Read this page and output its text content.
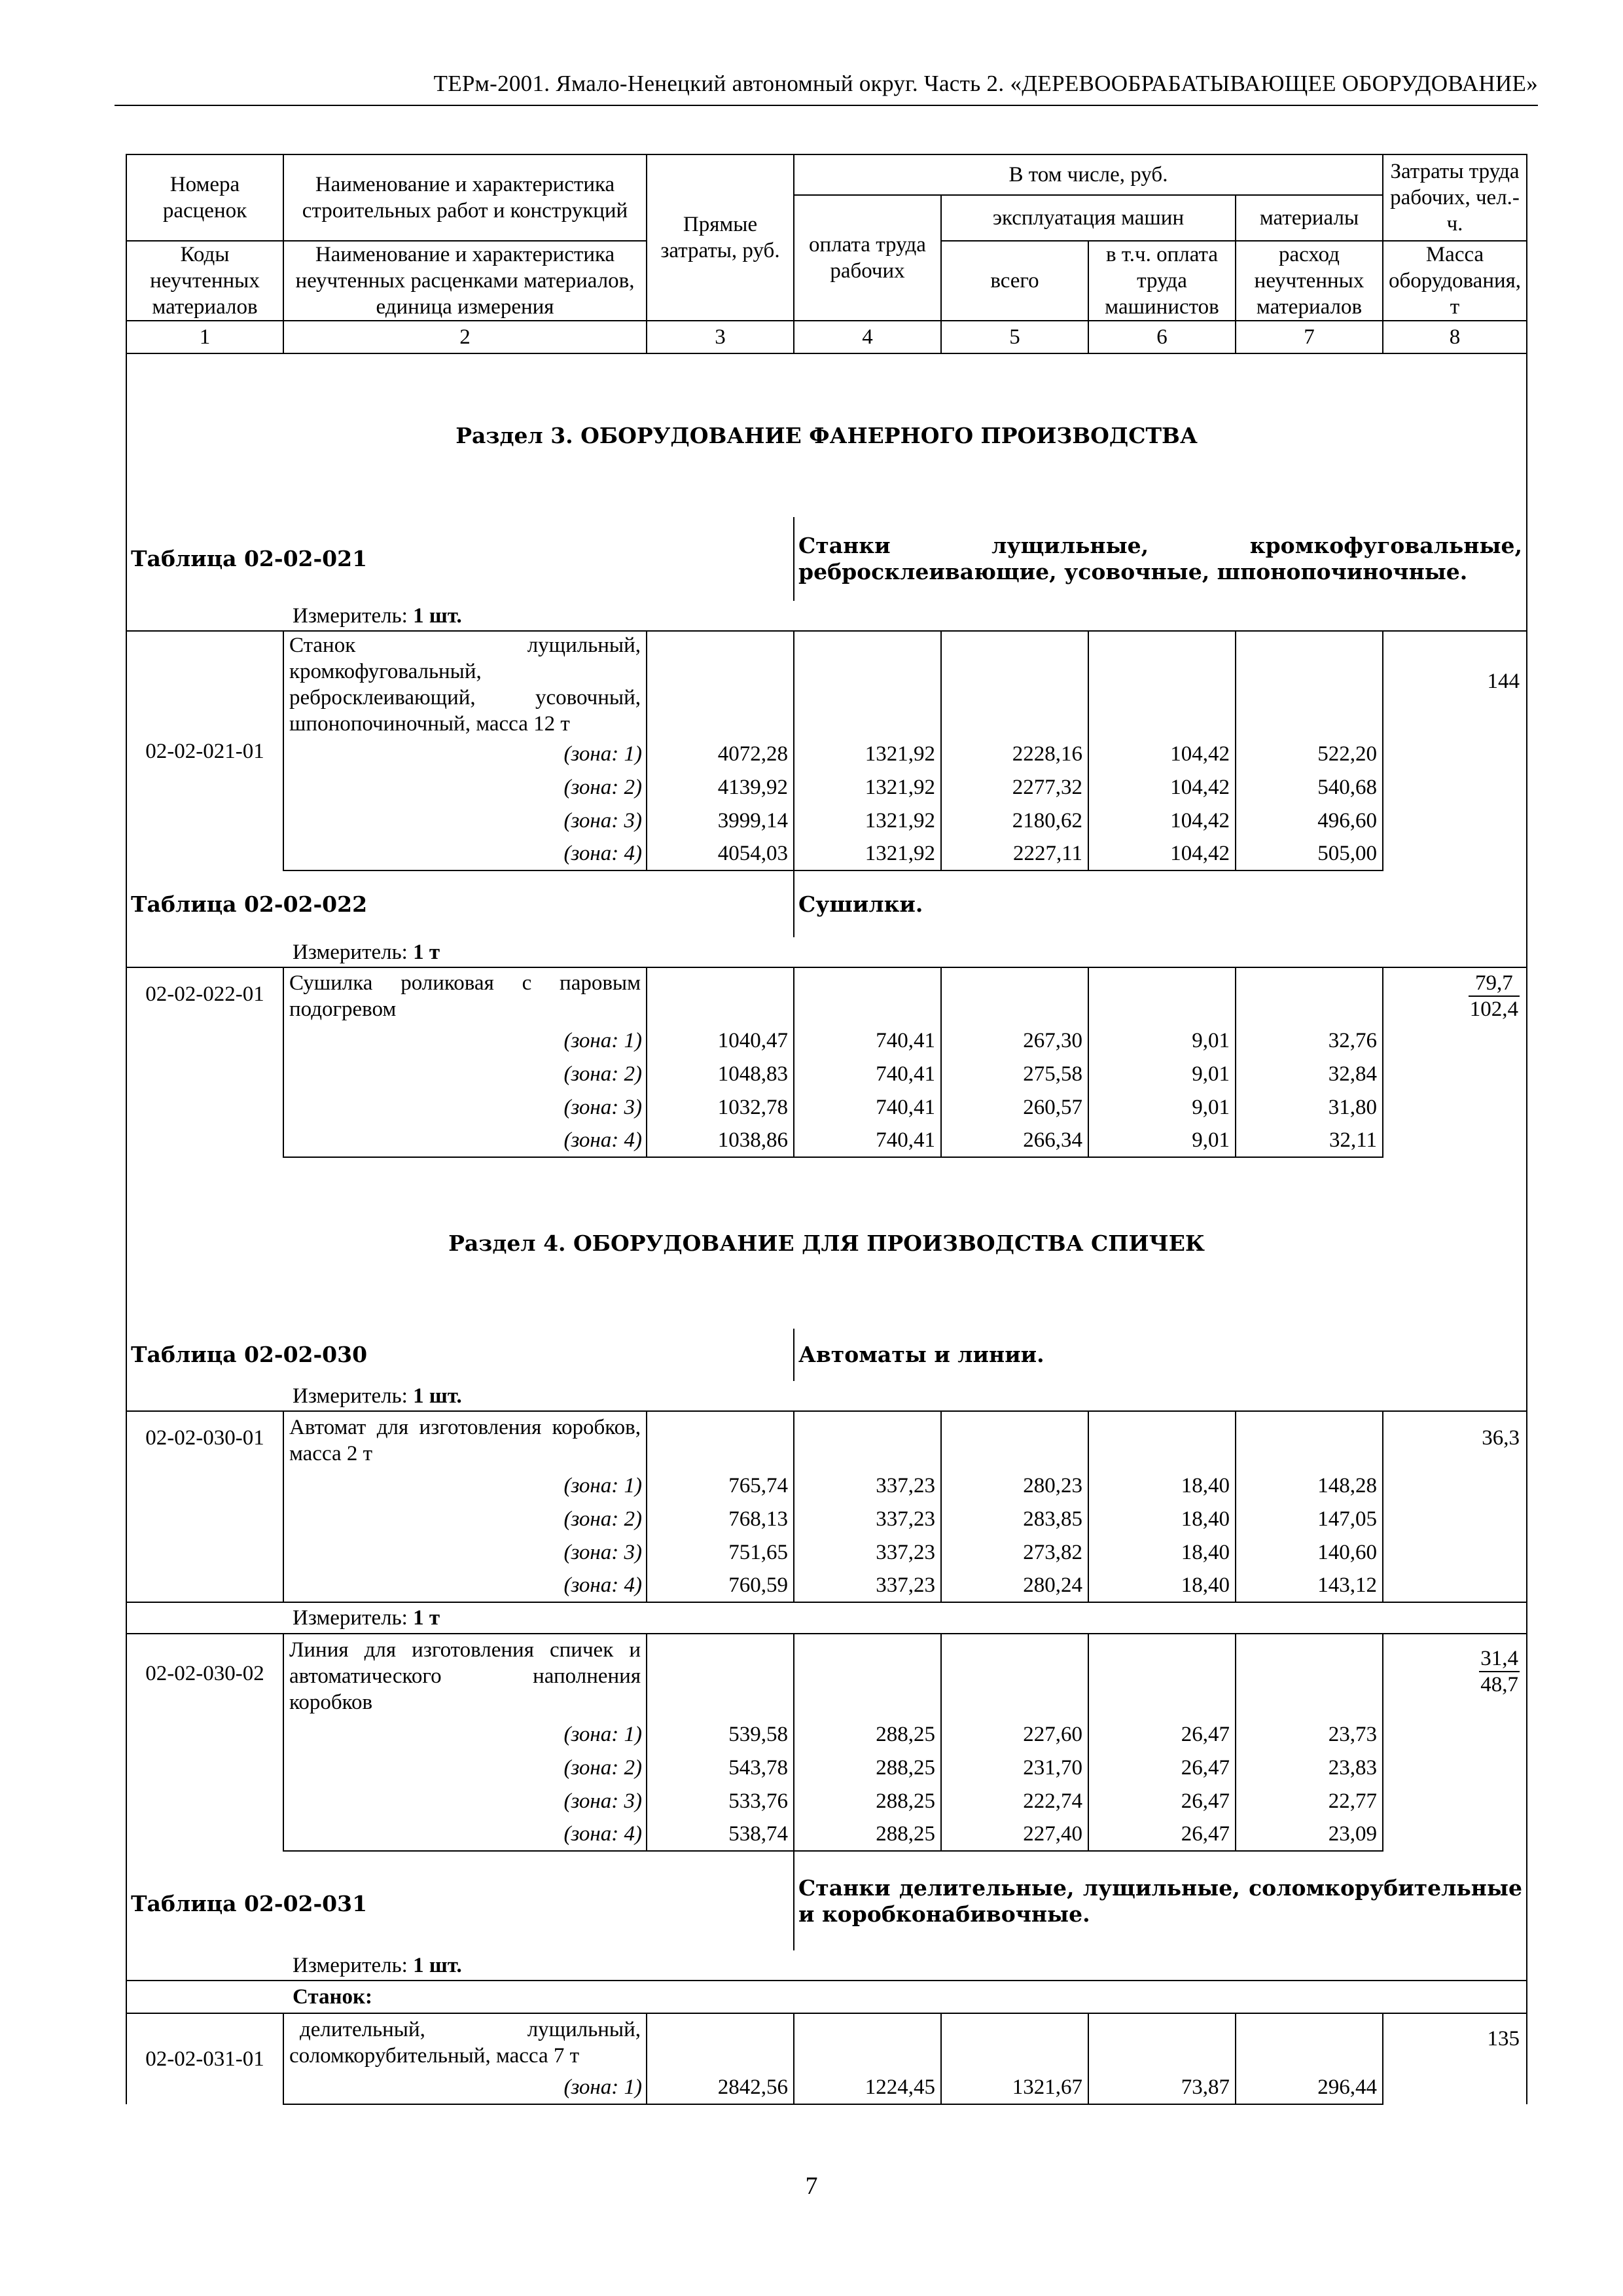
ТЕРм-2001. Ямало-Ненецкий автономный округ. Часть 2. «ДЕРЕВООБРАБАТЫВАЮЩЕЕ ОБОРУДОВАНИЕ»
Номера расценок	Наименование и характеристика строительных работ и конструкций	Прямые затраты, руб.	В том числе, руб.				Затраты труда рабочих, чел.-ч.
			оплата труда рабочих	эксплуатация машин		материалы	
Коды неучтенных материалов	Наименование и характеристика неучтенных расценками материалов, единица измерения			всего	в т.ч. оплата труда машинистов	расход неучтенных материалов	Масса оборудования, т
1	2	3	4	5	6	7	8
Раздел 3. ОБОРУДОВАНИЕ ФАНЕРНОГО ПРОИЗВОДСТВА							
Таблица 02-02-021			Станки лущильные, кромкофуговальные, ребросклеивающие, усовочные, шпонопочиночные.				
	Измеритель: 1 шт.						
02-02-021-01	Станок лущильный, кромкофуговальный, ребросклеивающий, усовочный, шпонопочиночный, масса 12 т						144
	(зона: 1)	4072,28	1321,92	2228,16	104,42	522,20	
	(зона: 2)	4139,92	1321,92	2277,32	104,42	540,68	
	(зона: 3)	3999,14	1321,92	2180,62	104,42	496,60	
	(зона: 4)	4054,03	1321,92	2227,11	104,42	505,00	
Таблица 02-02-022			Сушилки.				
	Измеритель: 1 т						
02-02-022-01	Сушилка роликовая с паровым подогревом						$\frac{79,7}{102,4}$

	(зона: 1)	1040,47	740,41	267,30	9,01	32,76	
	(зона: 2)	1048,83	740,41	275,58	9,01	32,84	
	(зона: 3)	1032,78	740,41	260,57	9,01	31,80	
	(зона: 4)	1038,86	740,41	266,34	9,01	32,11	
Раздел 4. ОБОРУДОВАНИЕ ДЛЯ ПРОИЗВОДСТВА СПИЧЕК							
Таблица 02-02-030			Автоматы и линии.				
	Измеритель: 1 шт.						
02-02-030-01	Автомат для изготовления коробков, масса 2 т						36,3
	(зона: 1)	765,74	337,23	280,23	18,40	148,28	
	(зона: 2)	768,13	337,23	283,85	18,40	147,05	
	(зона: 3)	751,65	337,23	273,82	18,40	140,60	
	(зона: 4)	760,59	337,23	280,24	18,40	143,12	
	Измеритель: 1 т						
02-02-030-02	Линия для изготовления спичек и автоматического наполнения коробков						$\frac{31,4}{48,7}$

	(зона: 1)	539,58	288,25	227,60	26,47	23,73	
	(зона: 2)	543,78	288,25	231,70	26,47	23,83	
	(зона: 3)	533,76	288,25	222,74	26,47	22,77	
	(зона: 4)	538,74	288,25	227,40	26,47	23,09	
Таблица 02-02-031			Станки делительные, лущильные, соломкорубительные и коробконабивочные.				
	Измеритель: 1 шт.						
	Станок:						
02-02-031-01	делительный, лущильный, соломкорубительный, масса 7 т						135
	(зона: 1)	2842,56	1224,45	1321,67	73,87	296,44	
7
